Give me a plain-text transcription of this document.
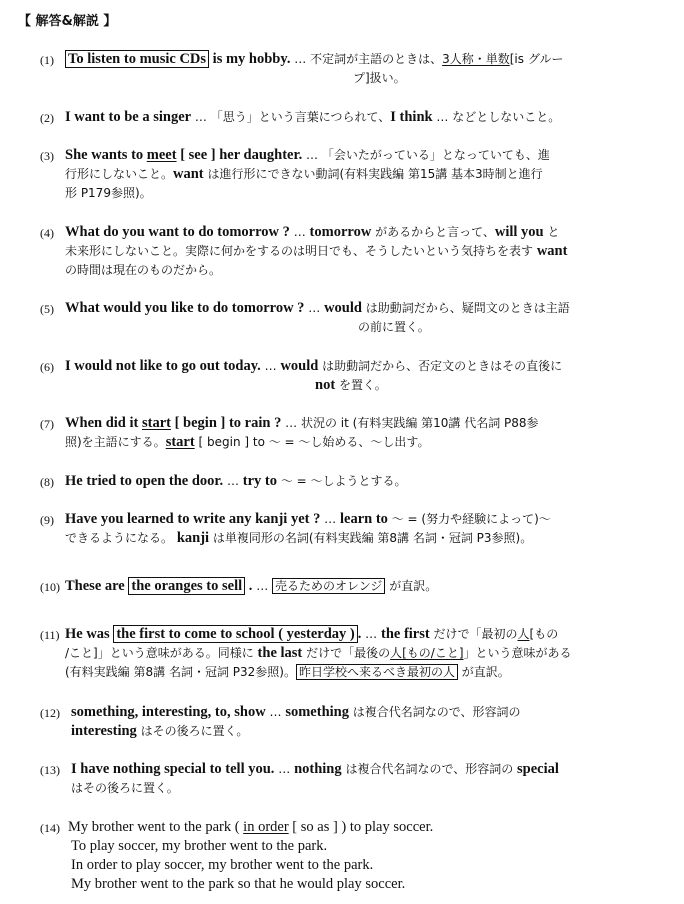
【 解答&解説 】
(1) To listen to music CDs is my hobby. … 不定詞が主語のときは、3人称・単数[is グルー
プ]扱い。
(2) I want to be a singer … 「思う」という言葉につられて、I think … などとしないこと。
(3) She wants to meet [ see ] her daughter. … 「会いたがっている」となっていても、進
行形にしないこと。want は進行形にできない動詞(有料実践編 第15講 基本3時制と進行
形 P179参照)。
(4) What do you want to do tomorrow ? … tomorrow があるからと言って、will you と
未来形にしないこと。実際に何かをするのは明日でも、そうしたいという気持ちを表す want
の時間は現在のものだから。
(5) What would you like to do tomorrow ? … would は助動詞だから、疑問文のときは主語
の前に置く。
(6) I would not like to go out today. … would は助動詞だから、否定文のときはその直後に
not を置く。
(7) When did it start [ begin ] to rain ? … 状況の it (有料実践編 第10講 代名詞 P88参
照)を主語にする。start [ begin ] to ～ = ～し始める、～し出す。
(8) He tried to open the door. … try to ～ = ～しようとする。
(9) Have you learned to write any kanji yet ? … learn to ～ = (努力や経験によって)～
できるようになる。 kanji は単複同形の名詞(有料実践編 第8講 名詞・冠詞 P3参照)。
(10) These are the oranges to sell . … 売るためのオレンジ が直訳。
(11) He was the first to come to school ( yesterday ) . … the first だけで「最初の人[もの
/こと]」という意味がある。同様に the last だけで「最後の人[もの/こと]」という意味がある
(有料実践編 第8講 名詞・冠詞 P32参照)。 昨日学校へ来るべき最初の人 が直訳。
(12) something, interesting, to, show … something は複合代名詞なので、形容詞の
interesting はその後ろに置く。
(13) I have nothing special to tell you. … nothing は複合代名詞なので、形容詞の special
はその後ろに置く。
(14) My brother went to the park ( in order [ so as ] ) to play soccer.
To play soccer, my brother went to the park.
In order to play soccer, my brother went to the park.
My brother went to the park so that he would play soccer.
